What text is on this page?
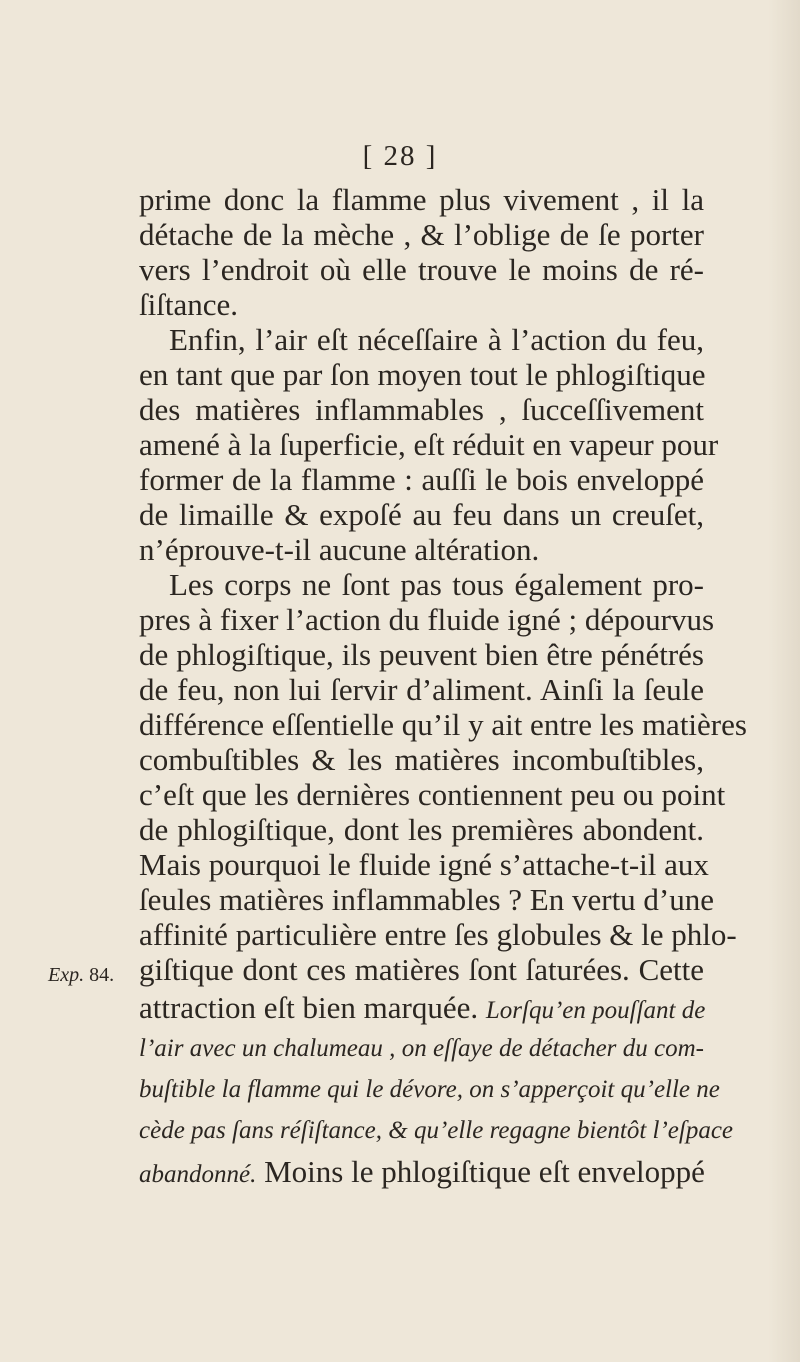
[ 28 ]
Exp. 84.
prime donc la flamme plus vivement , il la
détache de la mèche , & l’oblige de ſe porter
vers l’endroit où elle trouve le moins de ré-
ſiſtance.
Enfin, l’air eſt néceſſaire à l’action du feu,
en tant que par ſon moyen tout le phlogiſtique
des matières inflammables , ſucceſſivement
amené à la ſuperficie, eſt réduit en vapeur pour
former de la flamme : auſſi le bois enveloppé
de limaille & expoſé au feu dans un creuſet,
n’éprouve-t-il aucune altération.
Les corps ne ſont pas tous également pro-
pres à fixer l’action du fluide igné ; dépourvus
de phlogiſtique, ils peuvent bien être pénétrés
de feu, non lui ſervir d’aliment. Ainſi la ſeule
différence eſſentielle qu’il y ait entre les matières
combuſtibles & les matières incombuſtibles,
c’eſt que les dernières contiennent peu ou point
de phlogiſtique, dont les premières abondent.
Mais pourquoi le fluide igné s’attache-t-il aux
ſeules matières inflammables ? En vertu d’une
affinité particulière entre ſes globules & le phlo-
giſtique dont ces matières ſont ſaturées. Cette
attraction eſt bien marquée. Lorſqu’en pouſſant de
l’air avec un chalumeau , on eſſaye de détacher du com-
buſtible la flamme qui le dévore, on s’apperçoit qu’elle ne
cède pas ſans réſiſtance, & qu’elle regagne bientôt l’eſpace
abandonné. Moins le phlogiſtique eſt enveloppé
